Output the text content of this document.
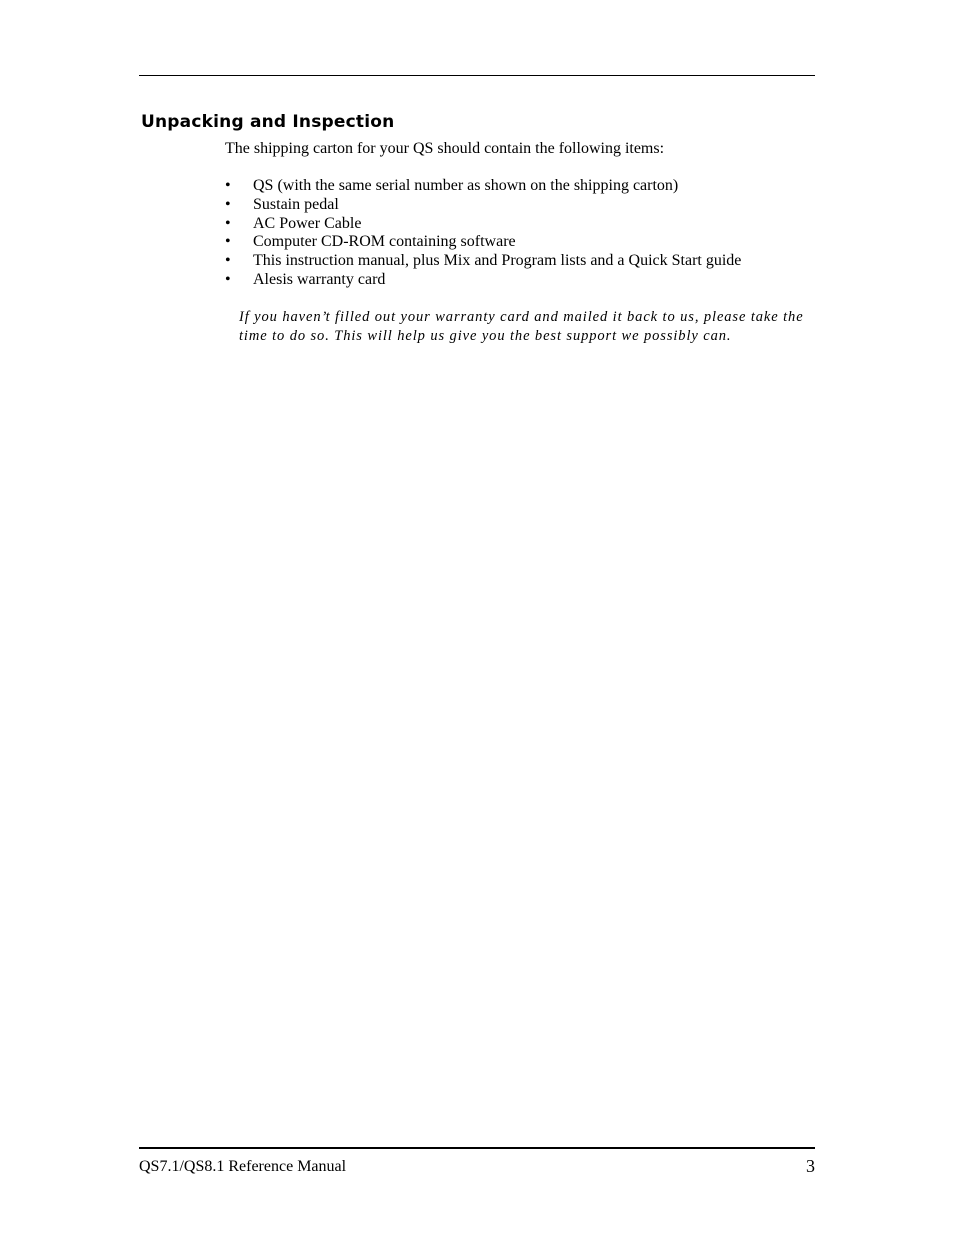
Unpacking and Inspection

The shipping carton for your QS should contain the following items:

• QS (with the same serial number as shown on the shipping carton)
• Sustain pedal
• AC Power Cable
• Computer CD-ROM containing software
• This instruction manual, plus Mix and Program lists and a Quick Start guide
• Alesis warranty card

If you haven’t filled out your warranty card and mailed it back to us, please take the time to do so. This will help us give you the best support we possibly can.

QS7.1/QS8.1 Reference Manual	3
